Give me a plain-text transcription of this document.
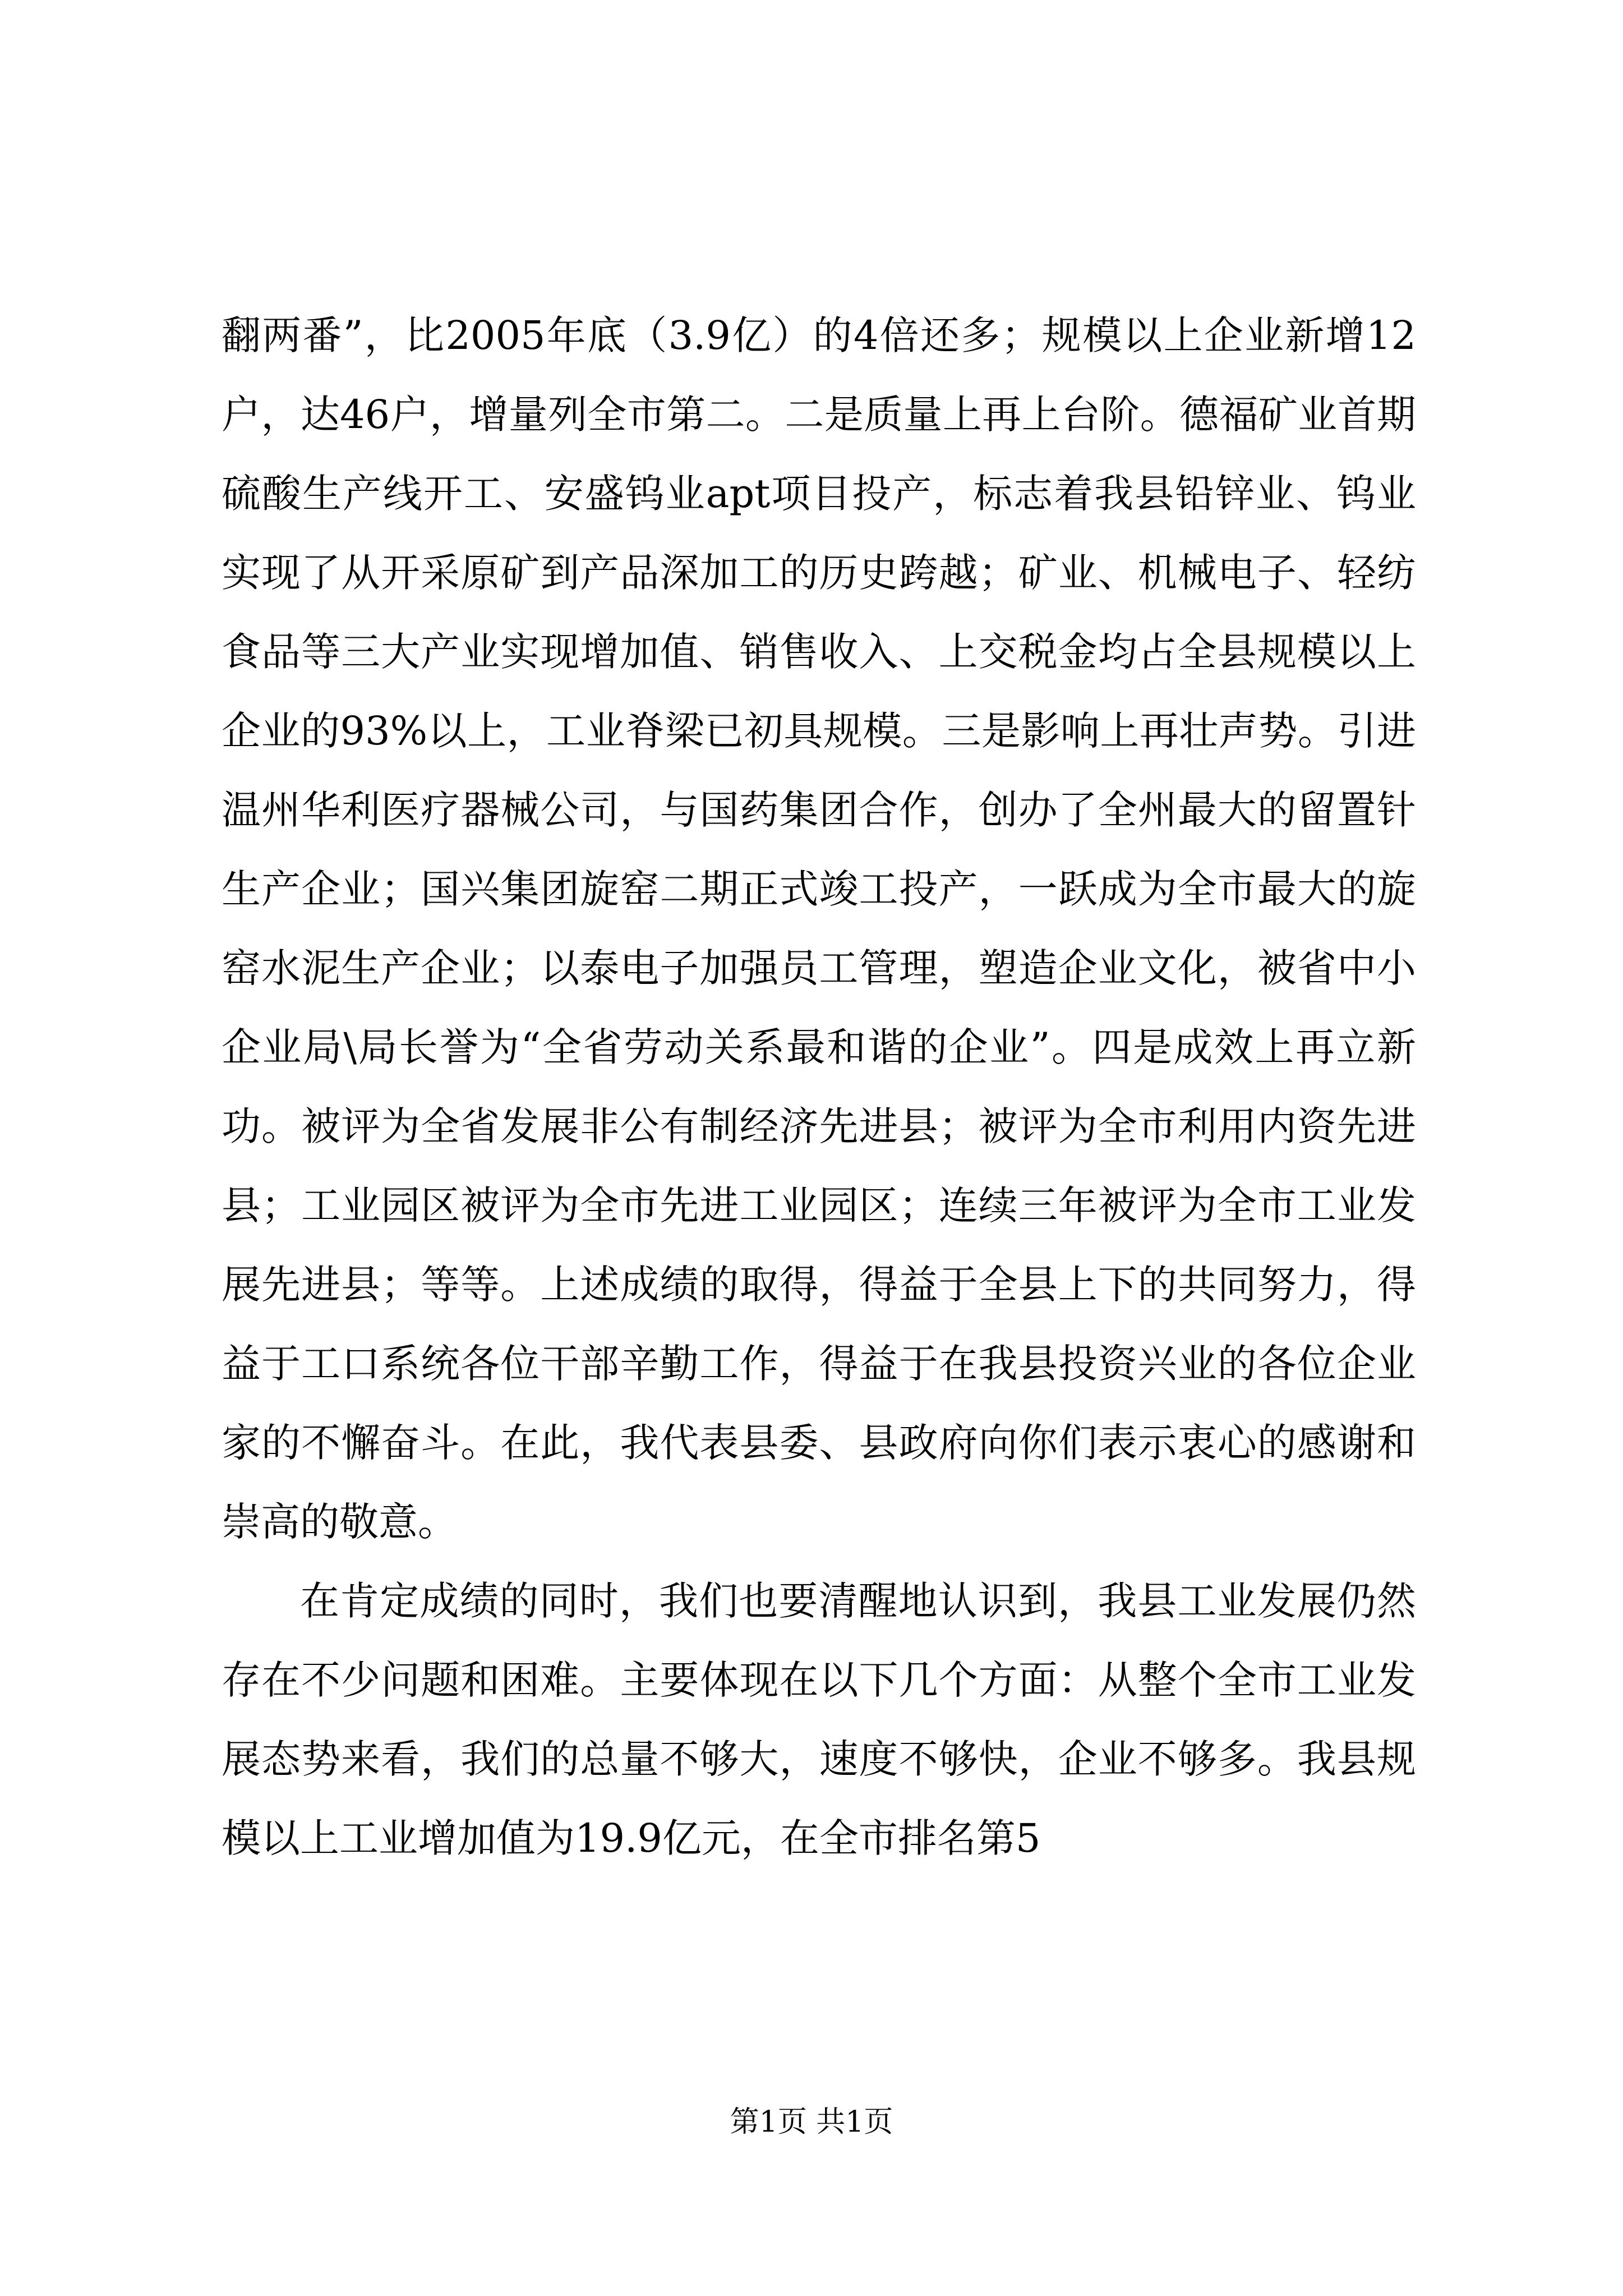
翻两番”，比2005年底（3.9亿）的4倍还多；规模以上企业新增12户，达46户，增量列全市第二。二是质量上再上台阶。德福矿业首期硫酸生产线开工、安盛钨业apt项目投产，标志着我县铅锌业、钨业实现了从开采原矿到产品深加工的历史跨越；矿业、机械电子、轻纺食品等三大产业实现增加值、销售收入、上交税金均占全县规模以上企业的93%以上，工业脊梁已初具规模。三是影响上再壮声势。引进温州华利医疗器械公司，与国药集团合作，创办了全州最大的留置针生产企业；国兴集团旋窑二期正式竣工投产，一跃成为全市最大的旋窑水泥生产企业；以泰电子加强员工管理，塑造企业文化，被省中小企业局\局长誉为“全省劳动关系最和谐的企业”。四是成效上再立新功。被评为全省发展非公有制经济先进县；被评为全市利用内资先进县；工业园区被评为全市先进工业园区；连续三年被评为全市工业发展先进县；等等。上述成绩的取得，得益于全县上下的共同努力，得益于工口系统各位干部辛勤工作，得益于在我县投资兴业的各位企业家的不懈奋斗。在此，我代表县委、县政府向你们表示衷心的感谢和崇高的敬意。

在肯定成绩的同时，我们也要清醒地认识到，我县工业发展仍然存在不少问题和困难。主要体现在以下几个方面：从整个全市工业发展态势来看，我们的总量不够大，速度不够快，企业不够多。我县规模以上工业增加值为19.9亿元，在全市排名第5

第1页 共1页
